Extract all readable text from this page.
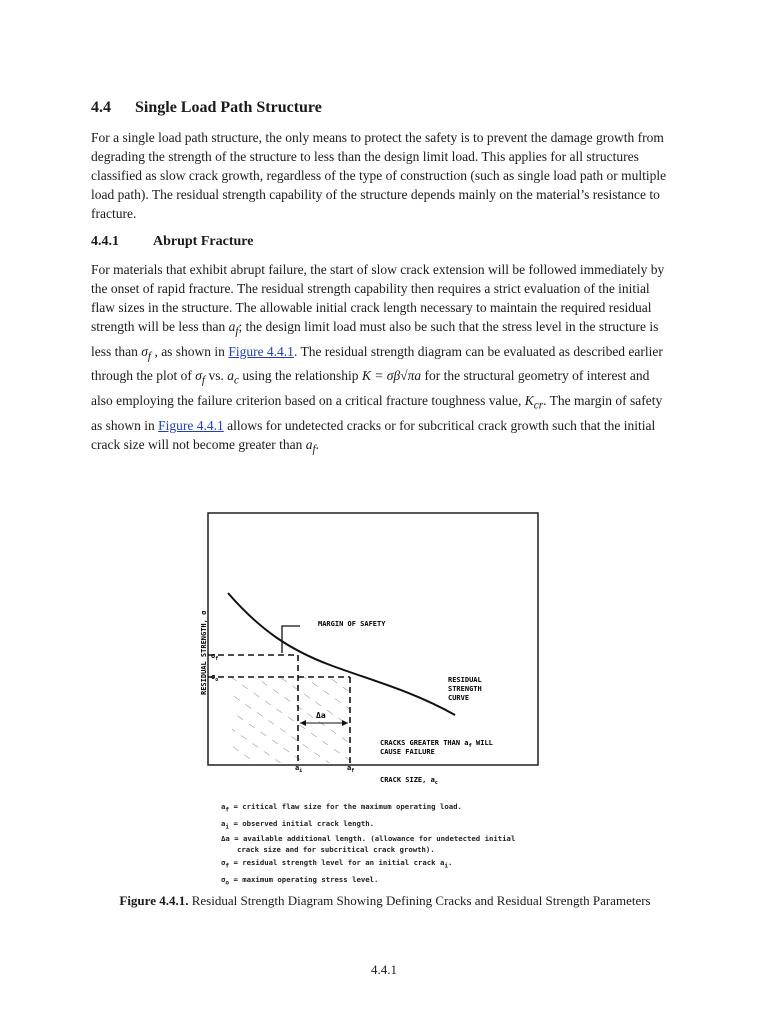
4.4 Single Load Path Structure

For a single load path structure, the only means to protect the safety is to prevent the damage growth from degrading the strength of the structure to less than the design limit load. This applies for all structures classified as slow crack growth, regardless of the type of construction (such as single load path or multiple load path). The residual strength capability of the structure depends mainly on the material’s resistance to fracture.

4.4.1 Abrupt Fracture

For materials that exhibit abrupt failure, the start of slow crack extension will be followed immediately by the onset of rapid fracture. The residual strength capability then requires a strict evaluation of the initial flaw sizes in the structure. The allowable initial crack length necessary to maintain the required residual strength will be less than $a_f$; the design limit load must also be such that the stress level in the structure is less than $\sigma_f$ , as shown in Figure 4.4.1. The residual strength diagram can be evaluated as described earlier through the plot of $\sigma_f$ vs. $a_c$ using the relationship K = σβ√πa for the structural geometry of interest and also employing the failure criterion based on a critical fracture toughness value, $K_{cr}$. The margin of safety as shown in Figure 4.4.1 allows for undetected cracks or for subcritical crack growth such that the initial crack size will not become greater than $a_f$.

Δa
MARGIN OF SAFETY
RESIDUAL
STRENGTH
CURVE
CRACKS GREATER THAN $a_f$ WILL
CAUSE FAILURE
RESIDUAL STRENGTH, σ $\sigma_f$
$\sigma_o$
$a_i$	$a_f$
CRACK SIZE, $a_c$
$a_f$ = critical flaw size for the maximum operating load.
$a_i$ = observed initial crack length.
Δa = available additional length. (allowance for undetected initial
crack size and for subcritical crack growth).
$\sigma_f$ = residual strength level for an initial crack $a_i$.
$\sigma_o$ = maximum operating stress level.
Figure 4.4.1. Residual Strength Diagram Showing Defining Cracks and Residual Strength Parameters
4.4.1
